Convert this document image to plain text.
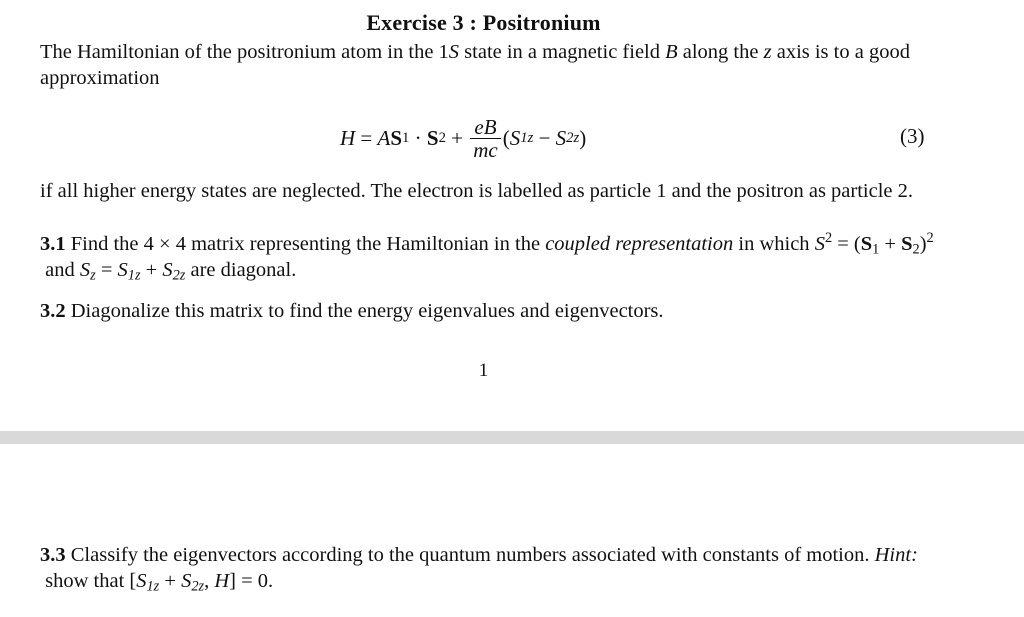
Exercise 3 : Positronium
The Hamiltonian of the positronium atom in the 1S state in a magnetic field B along the z axis is to a good approximation
H = A S 1 · S $2 + \frac{eB}{mc}$ ( S 1z − S 2z )	(3)
if all higher energy states are neglected. The electron is labelled as particle 1 and the positron as particle 2.
3.1 Find the 4 × 4 matrix representing the Hamiltonian in the coupled representation in which $S^2 = (S_1 + S_2)^2$ and $S_z = S_{1z} + S_{2z}$ are diagonal.
3.2 Diagonalize this matrix to find the energy eigenvalues and eigenvectors.
1
3.3 Classify the eigenvectors according to the quantum numbers associated with constants of motion. Hint: show that [$S_{1z} + S_{2z}$, H] = 0.
